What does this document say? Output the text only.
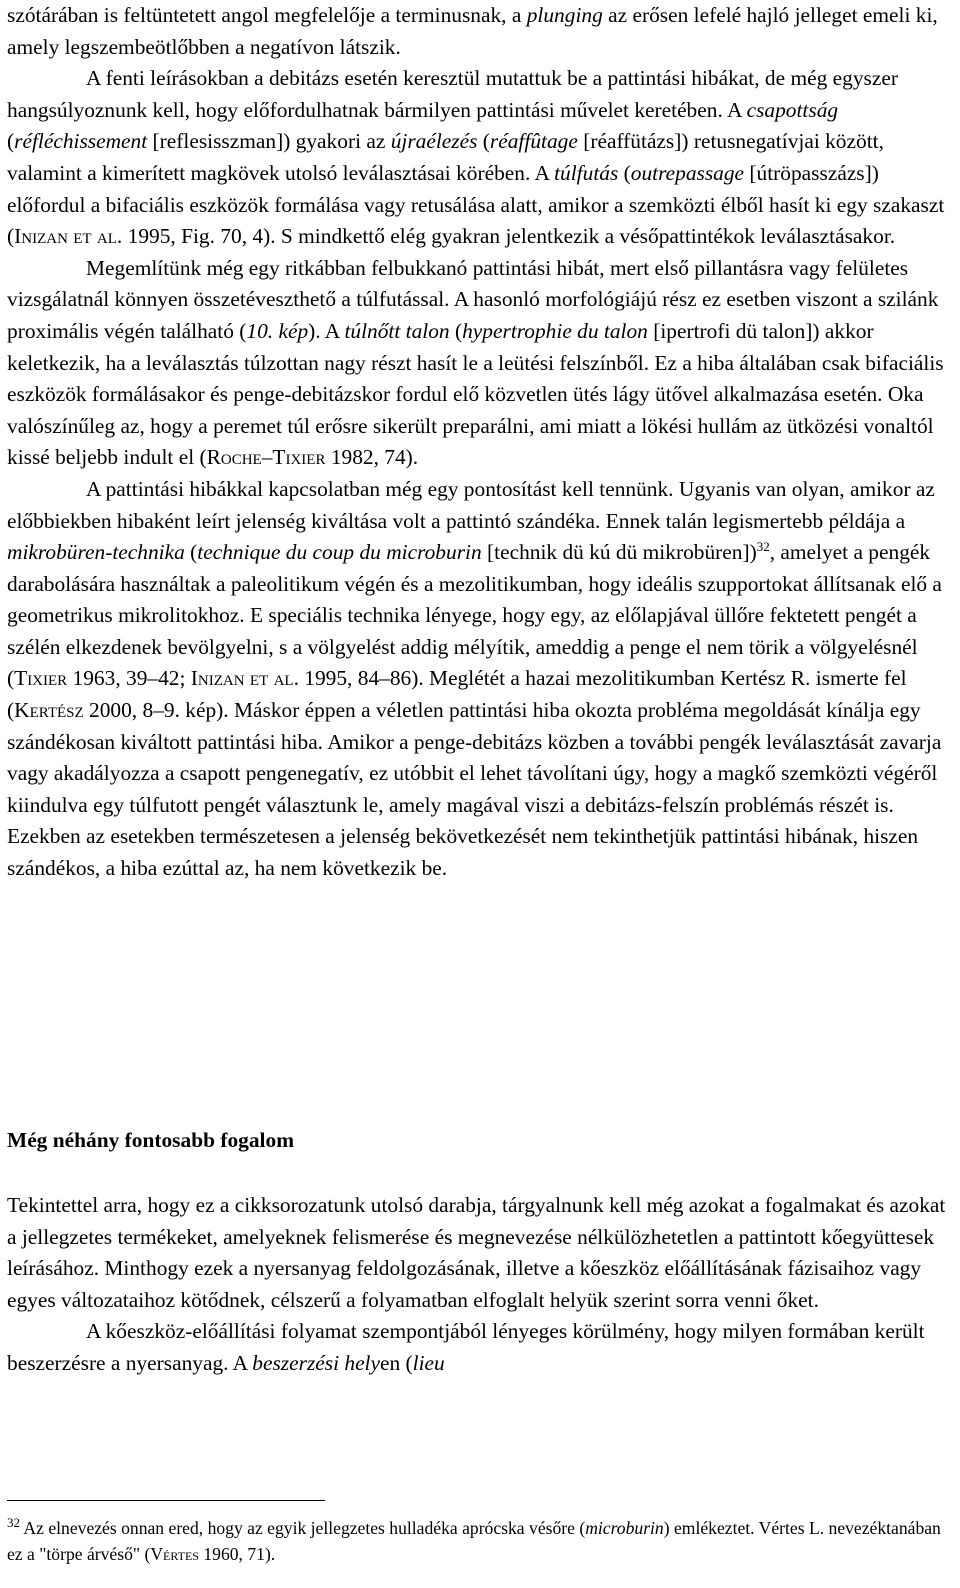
szótárában is feltüntetett angol megfelelője a terminusnak, a plunging az erősen lefelé hajló jelleget emeli ki, amely legszembeötlőbben a negatívon látszik.

A fenti leírásokban a debitázs esetén keresztül mutattuk be a pattintási hibákat, de még egyszer hangsúlyoznunk kell, hogy előfordulhatnak bármilyen pattintási művelet keretében. A csapottság (réfléchissement [reflesisszman]) gyakori az újraélezés (réaffûtage [réaffütázs]) retusnegatívjai között, valamint a kimerített magkövek utolsó leválasztásai körében. A túlfutás (outrepassage [útröpasszázs]) előfordul a bifaciális eszközök formálása vagy retusálása alatt, amikor a szemközti élből hasít ki egy szakaszt (Inizan et al. 1995, Fig. 70, 4). S mindkettő elég gyakran jelentkezik a vésőpattintékok leválasztásakor.

Megemlítünk még egy ritkábban felbukkanó pattintási hibát, mert első pillantásra vagy felületes vizsgálatnál könnyen összetéveszthető a túlfutással. A hasonló morfológiájú rész ez esetben viszont a szilánk proximális végén található (10. kép). A túlnőtt talon (hypertrophie du talon [ipertrofi dü talon]) akkor keletkezik, ha a leválasztás túlzottan nagy részt hasít le a leütési felszínből. Ez a hiba általában csak bifaciális eszközök formálásakor és penge-debitázskor fordul elő közvetlen ütés lágy ütővel alkalmazása esetén. Oka valószínűleg az, hogy a peremet túl erősre sikerült preparálni, ami miatt a lökési hullám az ütközési vonaltól kissé beljebb indult el (Roche–Tixier 1982, 74).

A pattintási hibákkal kapcsolatban még egy pontosítást kell tennünk. Ugyanis van olyan, amikor az előbbiekben hibaként leírt jelenség kiváltása volt a pattintó szándéka. Ennek talán legismertebb példája a mikrobüren-technika (technique du coup du microburin [technik dü kú dü mikrobüren])$^{32}$, amelyet a pengék darabolására használtak a paleolitikum végén és a mezolitikumban, hogy ideális szupportokat állítsanak elő a geometrikus mikrolitokhoz. E speciális technika lényege, hogy egy, az előlapjával üllőre fektetett pengét a szélén elkezdenek bevölgyelni, s a völgyelést addig mélyítik, ameddig a penge el nem törik a völgyelésnél (Tixier 1963, 39–42; Inizan et al. 1995, 84–86). Meglétét a hazai mezolitikumban Kertész R. ismerte fel (Kertész 2000, 8–9. kép). Máskor éppen a véletlen pattintási hiba okozta probléma megoldását kínálja egy szándékosan kiváltott pattintási hiba. Amikor a penge-debitázs közben a további pengék leválasztását zavarja vagy akadályozza a csapott pengenegatív, ez utóbbit el lehet távolítani úgy, hogy a magkő szemközti végéről kiindulva egy túlfutott pengét választunk le, amely magával viszi a debitázs-felszín problémás részét is. Ezekben az esetekben természetesen a jelenség bekövetkezését nem tekinthetjük pattintási hibának, hiszen szándékos, a hiba ezúttal az, ha nem következik be.

Még néhány fontosabb fogalom

Tekintettel arra, hogy ez a cikksorozatunk utolsó darabja, tárgyalnunk kell még azokat a fogalmakat és azokat a jellegzetes termékeket, amelyeknek felismerése és megnevezése nélkülözhetetlen a pattintott kőegyüttesek leírásához. Minthogy ezek a nyersanyag feldolgozásának, illetve a kőeszköz előállításának fázisaihoz vagy egyes változataihoz kötődnek, célszerű a folyamatban elfoglalt helyük szerint sorra venni őket.

A kőeszköz-előállítási folyamat szempontjából lényeges körülmény, hogy milyen formában került beszerzésre a nyersanyag. A beszerzési helyen (lieu

$^{32}$ Az elnevezés onnan ered, hogy az egyik jellegzetes hulladéka aprócska vésőre (microburin) emlékeztet. Vértes L. nevezéktanában ez a "törpe árvéső" (Vértes 1960, 71).
